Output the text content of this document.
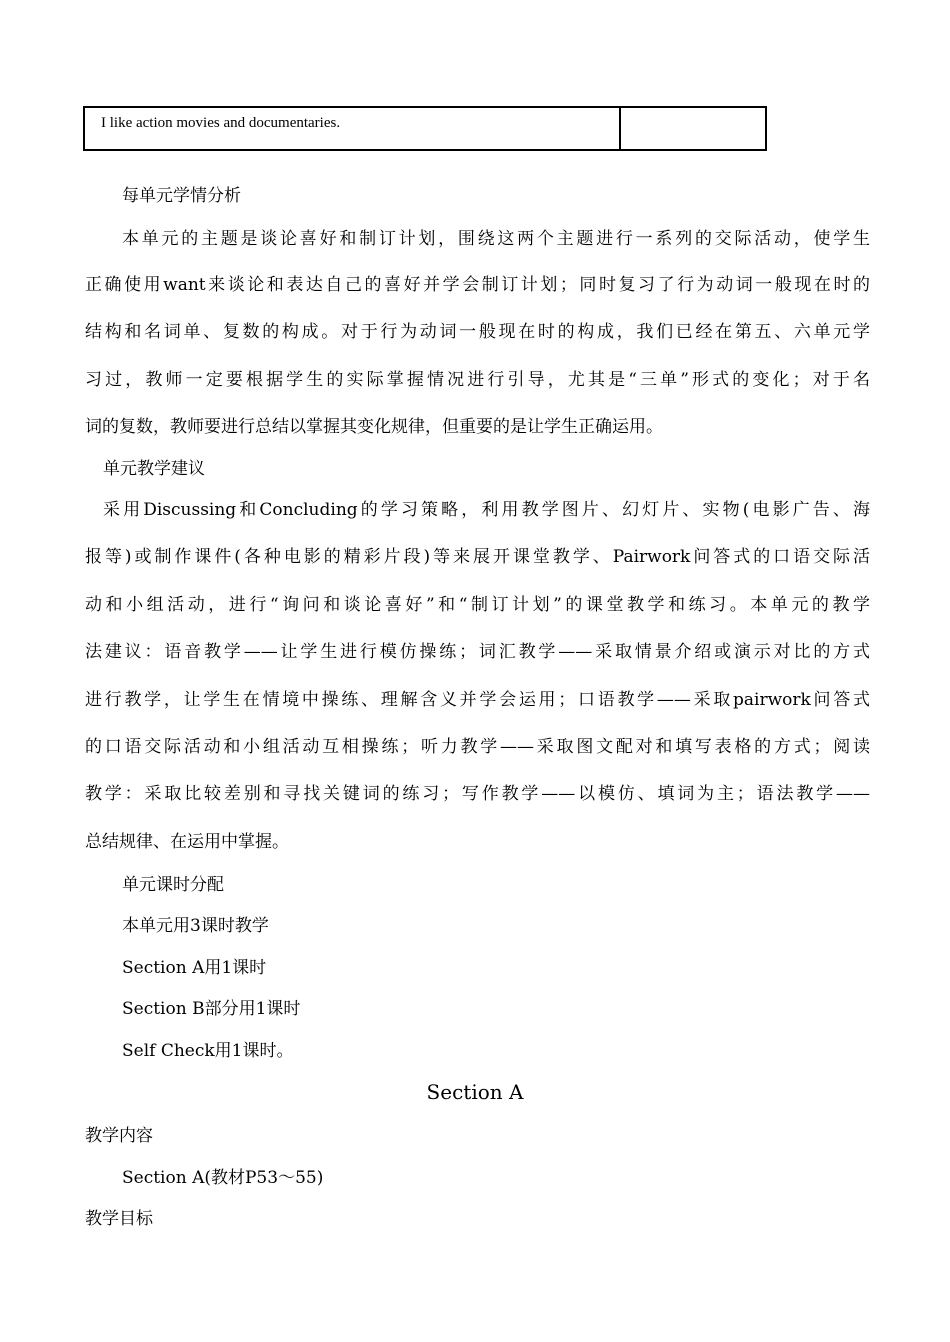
I like action movies and documentaries.	
每单元学情分析
本单元的主题是谈论喜好和制订计划，围绕这两个主题进行一系列的交际活动，使学生
正确使用want来谈论和表达自己的喜好并学会制订计划；同时复习了行为动词一般现在时的
结构和名词单、复数的构成。对于行为动词一般现在时的构成，我们已经在第五、六单元学
习过，教师一定要根据学生的实际掌握情况进行引导，尤其是“三单”形式的变化；对于名
词的复数，教师要进行总结以掌握其变化规律，但重要的是让学生正确运用。
单元教学建议
采用Discussing和Concluding的学习策略，利用教学图片、幻灯片、实物(电影广告、海
报等)或制作课件(各种电影的精彩片段)等来展开课堂教学、Pairwork问答式的口语交际活
动和小组活动，进行“询问和谈论喜好”和“制订计划”的课堂教学和练习。本单元的教学
法建议：语音教学——让学生进行模仿操练；词汇教学——采取情景介绍或演示对比的方式
进行教学，让学生在情境中操练、理解含义并学会运用；口语教学——采取pairwork问答式
的口语交际活动和小组活动互相操练；听力教学——采取图文配对和填写表格的方式；阅读
教学：采取比较差别和寻找关键词的练习；写作教学——以模仿、填词为主；语法教学——
总结规律、在运用中掌握。
单元课时分配
本单元用3课时教学
Section A用1课时
Section B部分用1课时
Self Check用1课时。
Section A
教学内容
Section A(教材P53～55)
教学目标
